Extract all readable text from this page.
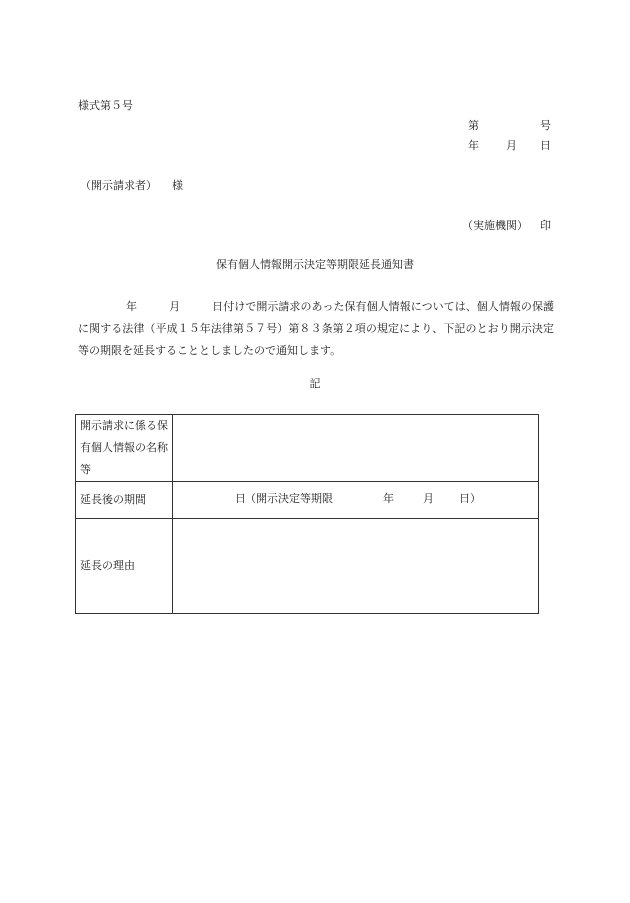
様式第５号
第	号
年 月 日
（開示請求者） 様
（実施機関） 印
保有個人情報開示決定等期限延長通知書
年	月	日付けで開示請求のあった保有個人情報については、個人情報の保護に関する法律（平成１５年法律第５７号）第８３条第２項の規定により、下記のとおり開示決定等の期限を延長することとしましたので通知します。
記
開示請求に係る保有個人情報の名称等	
延長後の期間	日 （開示決定等期限 年 月 日）

延長の理由	
